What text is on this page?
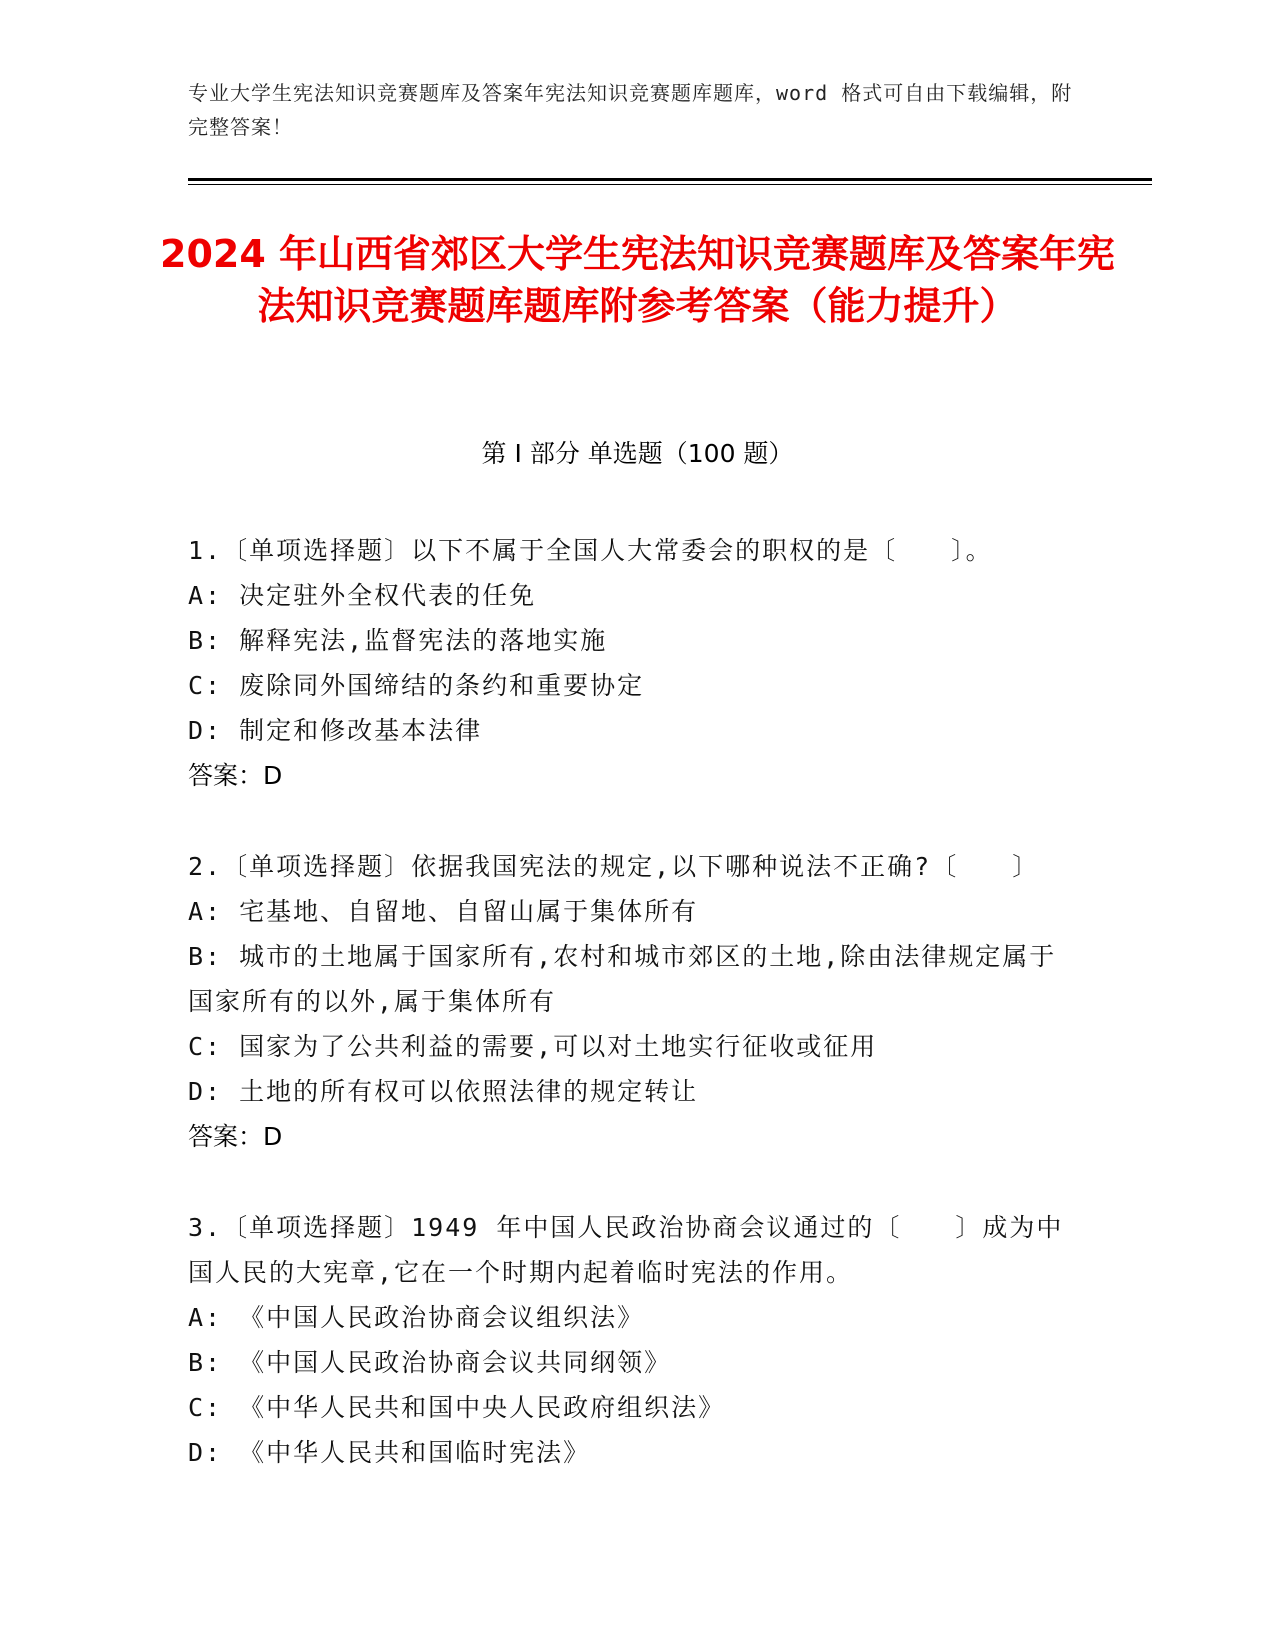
专业大学生宪法知识竞赛题库及答案年宪法知识竞赛题库题库，word 格式可自由下载编辑，附完整答案！
2024 年山西省郊区大学生宪法知识竞赛题库及答案年宪法知识竞赛题库题库附参考答案（能力提升）
第 I 部分 单选题（100 题）

1.〔单项选择题〕以下不属于全国人大常委会的职权的是〔　　〕。

A: 决定驻外全权代表的任免

B: 解释宪法,监督宪法的落地实施

C: 废除同外国缔结的条约和重要协定

D: 制定和修改基本法律

答案：D

2.〔单项选择题〕依据我国宪法的规定,以下哪种说法不正确?〔　　〕

A: 宅基地、自留地、自留山属于集体所有

B: 城市的土地属于国家所有,农村和城市郊区的土地,除由法律规定属于国家所有的以外,属于集体所有

C: 国家为了公共利益的需要,可以对土地实行征收或征用

D: 土地的所有权可以依照法律的规定转让

答案：D

3.〔单项选择题〕1949 年中国人民政治协商会议通过的〔　　〕成为中国人民的大宪章,它在一个时期内起着临时宪法的作用。

A: 《中国人民政治协商会议组织法》

B: 《中国人民政治协商会议共同纲领》

C: 《中华人民共和国中央人民政府组织法》

D: 《中华人民共和国临时宪法》
